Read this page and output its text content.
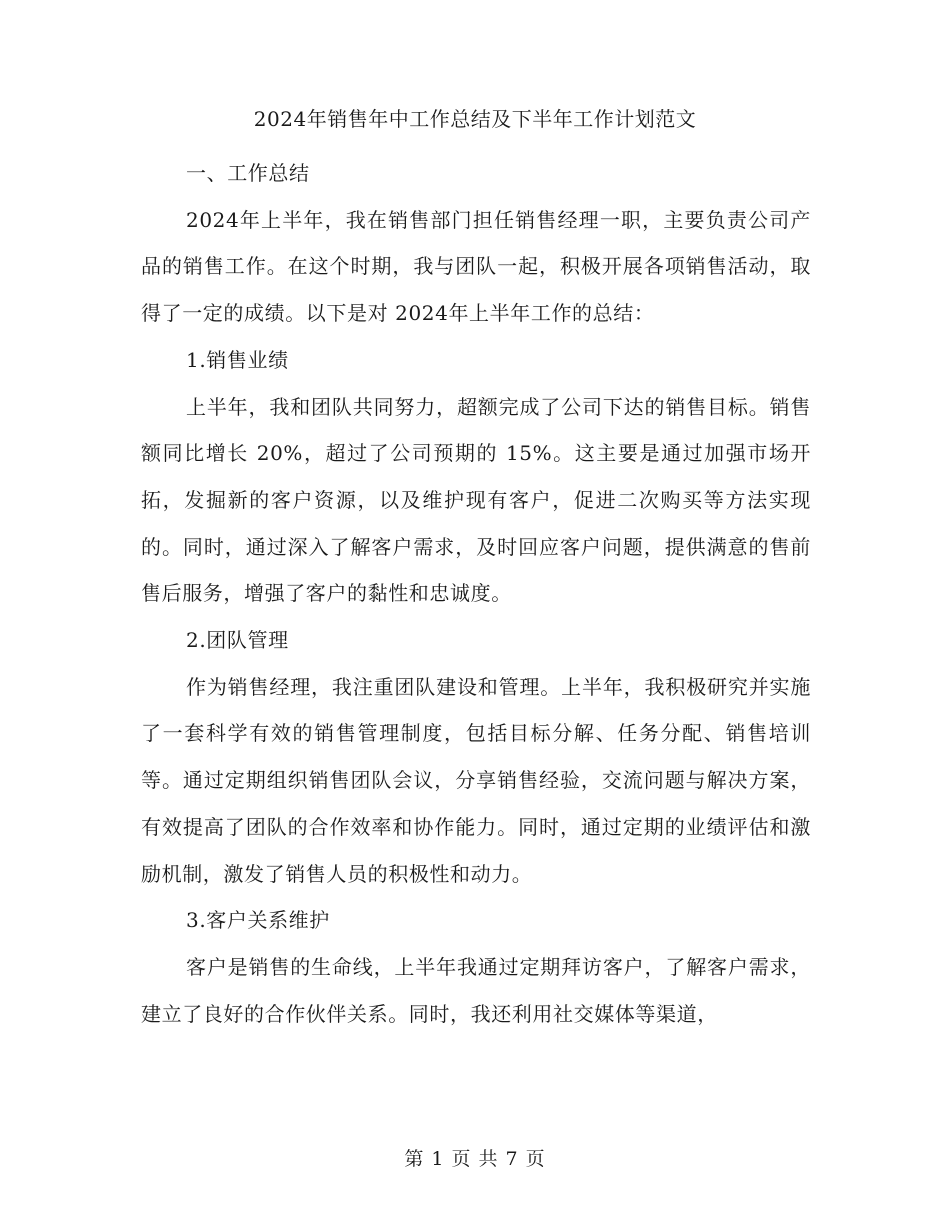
2024年销售年中工作总结及下半年工作计划范文

一、工作总结

2024年上半年，我在销售部门担任销售经理一职，主要负责公司产品的销售工作。在这个时期，我与团队一起，积极开展各项销售活动，取得了一定的成绩。以下是对 2024年上半年工作的总结：

1.销售业绩

上半年，我和团队共同努力，超额完成了公司下达的销售目标。销售额同比增长 20%，超过了公司预期的 15%。这主要是通过加强市场开拓，发掘新的客户资源，以及维护现有客户，促进二次购买等方法实现的。同时，通过深入了解客户需求，及时回应客户问题，提供满意的售前售后服务，增强了客户的黏性和忠诚度。

2.团队管理

作为销售经理，我注重团队建设和管理。上半年，我积极研究并实施了一套科学有效的销售管理制度，包括目标分解、任务分配、销售培训等。通过定期组织销售团队会议，分享销售经验，交流问题与解决方案，有效提高了团队的合作效率和协作能力。同时，通过定期的业绩评估和激励机制，激发了销售人员的积极性和动力。

3.客户关系维护

客户是销售的生命线，上半年我通过定期拜访客户，了解客户需求，建立了良好的合作伙伴关系。同时，我还利用社交媒体等渠道，

第 1 页 共 7 页
